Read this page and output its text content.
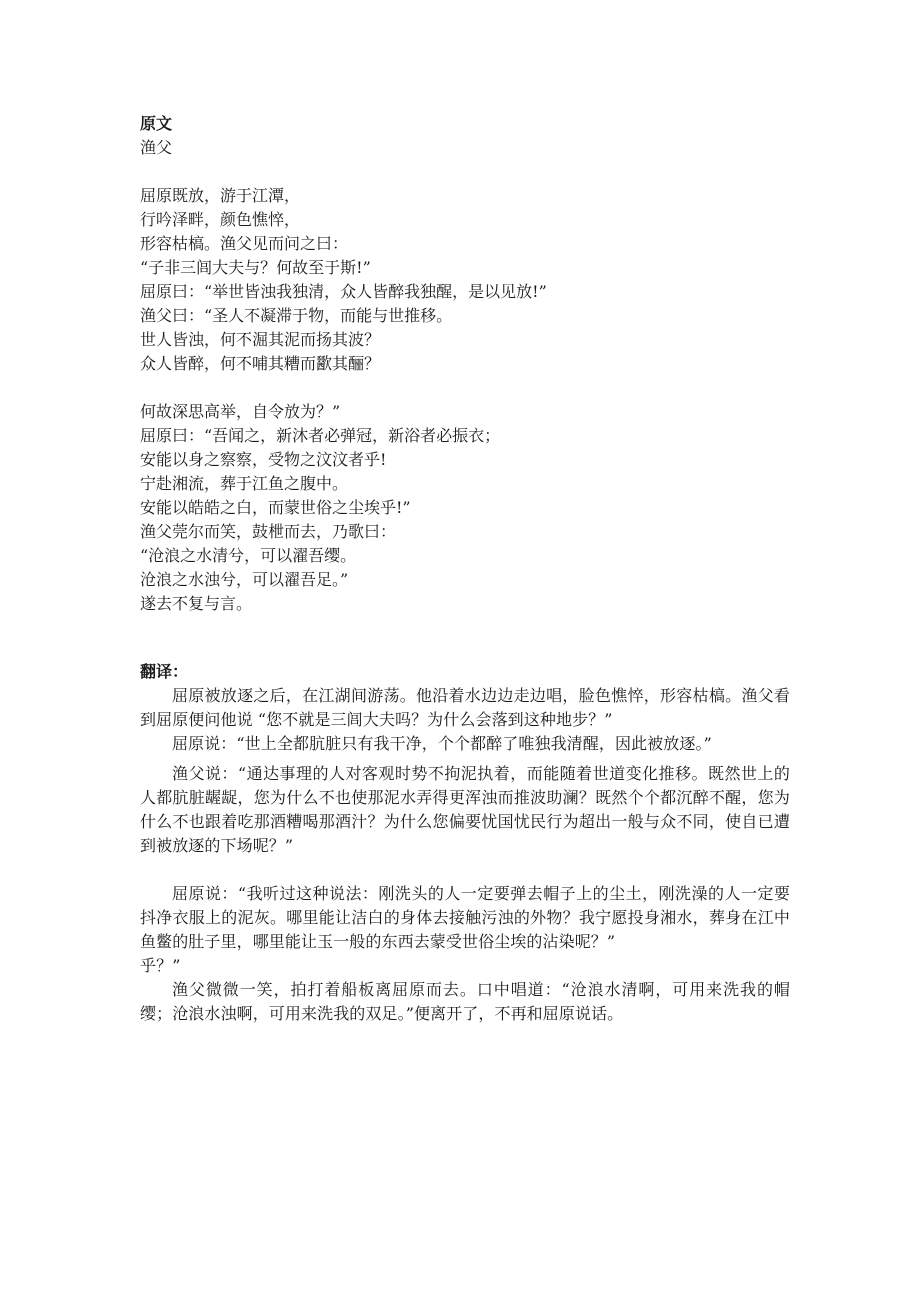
原文
渔父
屈原既放，游于江潭，
行吟泽畔，颜色憔悴，
形容枯槁。渔父见而问之曰：
“子非三闾大夫与？何故至于斯!”
屈原曰：“举世皆浊我独清，众人皆醉我独醒，是以见放!”
渔父曰：“圣人不凝滞于物，而能与世推移。
世人皆浊，何不淈其泥而扬其波？
众人皆醉，何不哺其糟而歠其酾？
何故深思高举，自令放为？”
屈原曰：“吾闻之，新沐者必弹冠，新浴者必振衣；
安能以身之察察，受物之汶汶者乎!
宁赴湘流，葬于江鱼之腹中。
安能以皓皓之白，而蒙世俗之尘埃乎!”
渔父莞尔而笑，鼓枻而去，乃歌曰：
“沧浪之水清兮，可以濯吾缨。
沧浪之水浊兮，可以濯吾足。”
遂去不复与言。
翻译：
屈原被放逐之后，在江湖间游荡。他沿着水边边走边唱，脸色憔悴，形容枯槁。渔父看到屈原便问他说 “您不就是三闾大夫吗？为什么会落到这种地步？”
屈原说：“世上全都肮脏只有我干净，个个都醉了唯独我清醒，因此被放逐。”
渔父说：“通达事理的人对客观时势不拘泥执着，而能随着世道变化推移。既然世上的人都肮脏龌龊，您为什么不也使那泥水弄得更浑浊而推波助澜？既然个个都沉醉不醒，您为什么不也跟着吃那酒糟喝那酒汁？为什么您偏要忧国忧民行为超出一般与众不同，使自已遭到被放逐的下场呢？”
屈原说：“我听过这种说法：刚洗头的人一定要弹去帽子上的尘土，刚洗澡的人一定要抖净衣服上的泥灰。哪里能让洁白的身体去接触污浊的外物？我宁愿投身湘水，葬身在江中鱼鳖的肚子里，哪里能让玉一般的东西去蒙受世俗尘埃的沾染呢？”
乎？”
渔父微微一笑，拍打着船板离屈原而去。口中唱道：“沧浪水清啊，可用来洗我的帽缨；沧浪水浊啊，可用来洗我的双足。”便离开了，不再和屈原说话。
